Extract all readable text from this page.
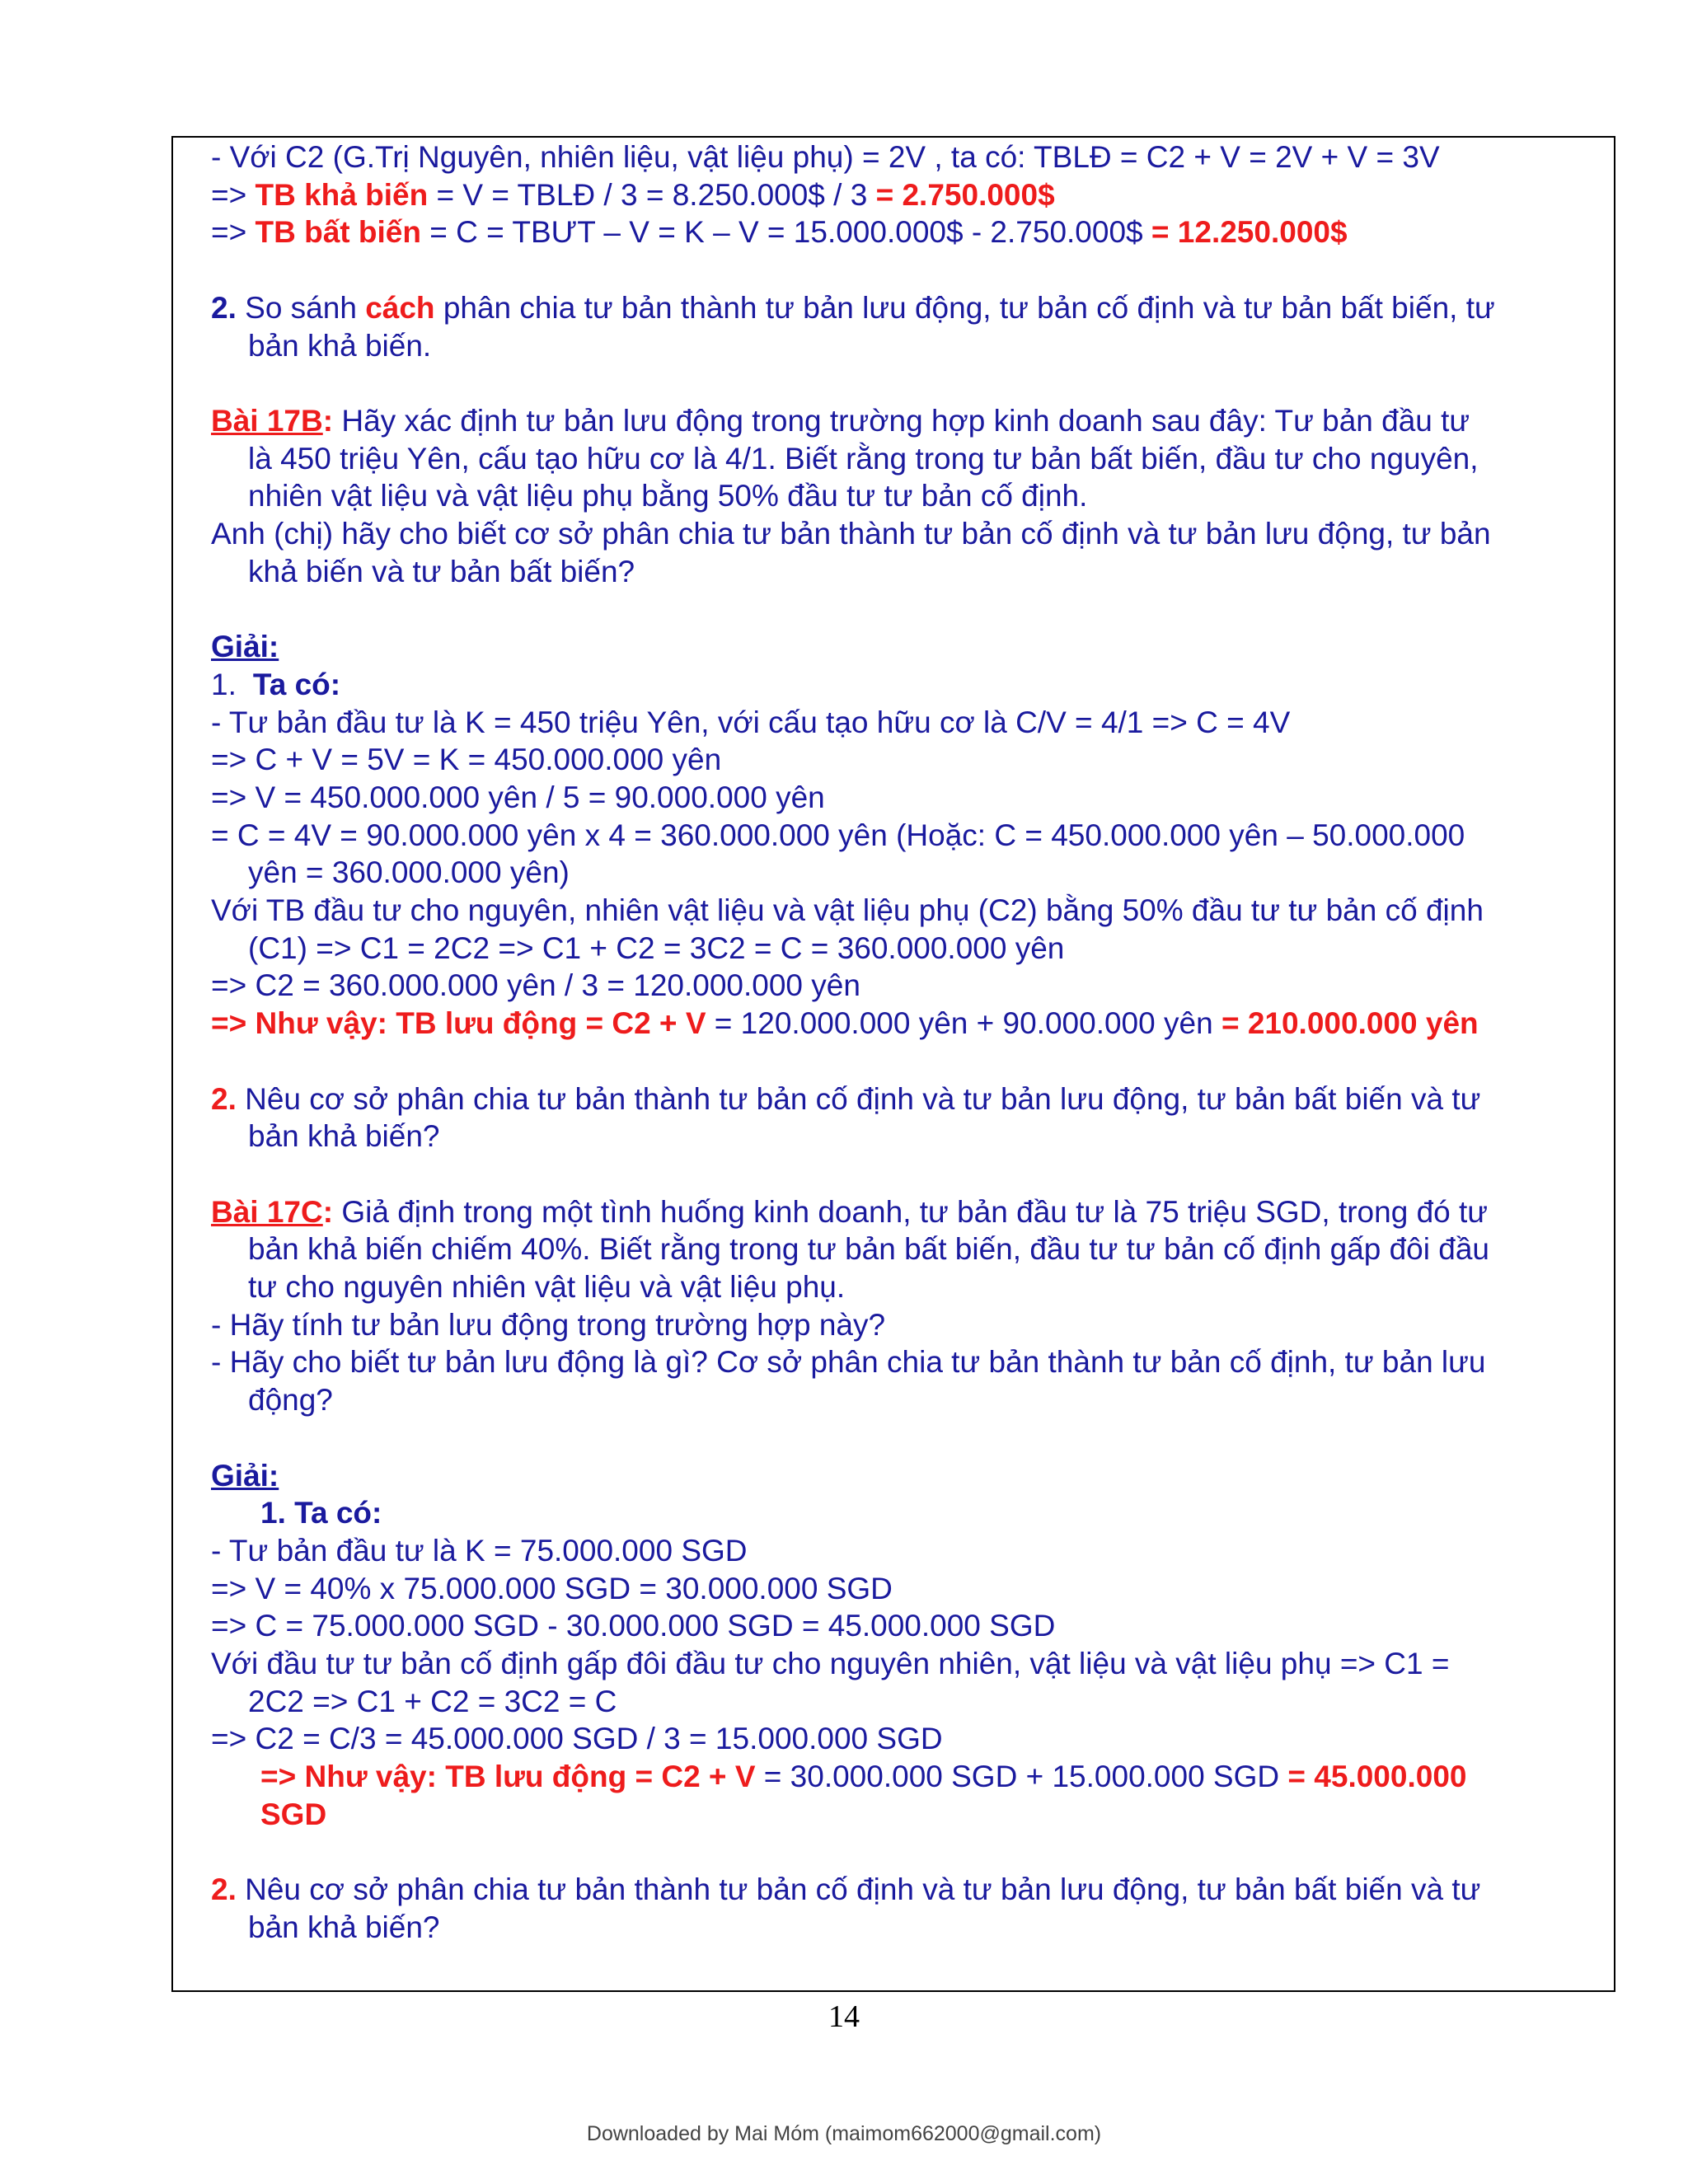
- Với C2 (G.Trị Nguyên, nhiên liệu, vật liệu phụ) = 2V , ta có: TBLĐ = C2 + V = 2V + V = 3V
=> TB khả biến = V = TBLĐ / 3 = 8.250.000$ / 3 = 2.750.000$
=> TB bất biến = C = TBƯT – V = K – V = 15.000.000$ - 2.750.000$ = 12.250.000$
2. So sánh cách phân chia tư bản thành tư bản lưu động, tư bản cố định và tư bản bất biến, tư
bản khả biến.
Bài 17B: Hãy xác định tư bản lưu động trong trường hợp kinh doanh sau đây: Tư bản đầu tư
là 450 triệu Yên, cấu tạo hữu cơ là 4/1. Biết rằng trong tư bản bất biến, đầu tư cho nguyên,
nhiên vật liệu và vật liệu phụ bằng 50% đầu tư tư bản cố định.
Anh (chị) hãy cho biết cơ sở phân chia tư bản thành tư bản cố định và tư bản lưu động, tư bản
khả biến và tư bản bất biến?
Giải:
1. Ta có:
- Tư bản đầu tư là K = 450 triệu Yên, với cấu tạo hữu cơ là C/V = 4/1 => C = 4V
=> C + V = 5V = K = 450.000.000 yên
=> V = 450.000.000 yên / 5 = 90.000.000 yên
= C = 4V = 90.000.000 yên x 4 = 360.000.000 yên (Hoặc: C = 450.000.000 yên – 50.000.000
yên = 360.000.000 yên)
Với TB đầu tư cho nguyên, nhiên vật liệu và vật liệu phụ (C2) bằng 50% đầu tư tư bản cố định
(C1) => C1 = 2C2 => C1 + C2 = 3C2 = C = 360.000.000 yên
=> C2 = 360.000.000 yên / 3 = 120.000.000 yên
=> Như vậy: TB lưu động = C2 + V = 120.000.000 yên + 90.000.000 yên = 210.000.000 yên
2. Nêu cơ sở phân chia tư bản thành tư bản cố định và tư bản lưu động, tư bản bất biến và tư
bản khả biến?
Bài 17C: Giả định trong một tình huống kinh doanh, tư bản đầu tư là 75 triệu SGD, trong đó tư
bản khả biến chiếm 40%. Biết rằng trong tư bản bất biến, đầu tư tư bản cố định gấp đôi đầu
tư cho nguyên nhiên vật liệu và vật liệu phụ.
- Hãy tính tư bản lưu động trong trường hợp này?
- Hãy cho biết tư bản lưu động là gì? Cơ sở phân chia tư bản thành tư bản cố định, tư bản lưu
động?
Giải:
1. Ta có:
- Tư bản đầu tư là K = 75.000.000 SGD
=> V = 40% x 75.000.000 SGD = 30.000.000 SGD
=> C = 75.000.000 SGD - 30.000.000 SGD = 45.000.000 SGD
Với đầu tư tư bản cố định gấp đôi đầu tư cho nguyên nhiên, vật liệu và vật liệu phụ => C1 =
2C2 => C1 + C2 = 3C2 = C
=> C2 = C/3 = 45.000.000 SGD / 3 = 15.000.000 SGD
=> Như vậy: TB lưu động = C2 + V = 30.000.000 SGD + 15.000.000 SGD = 45.000.000
SGD
2. Nêu cơ sở phân chia tư bản thành tư bản cố định và tư bản lưu động, tư bản bất biến và tư
bản khả biến?
14
Downloaded by Mai Móm (maimom662000@gmail.com)
